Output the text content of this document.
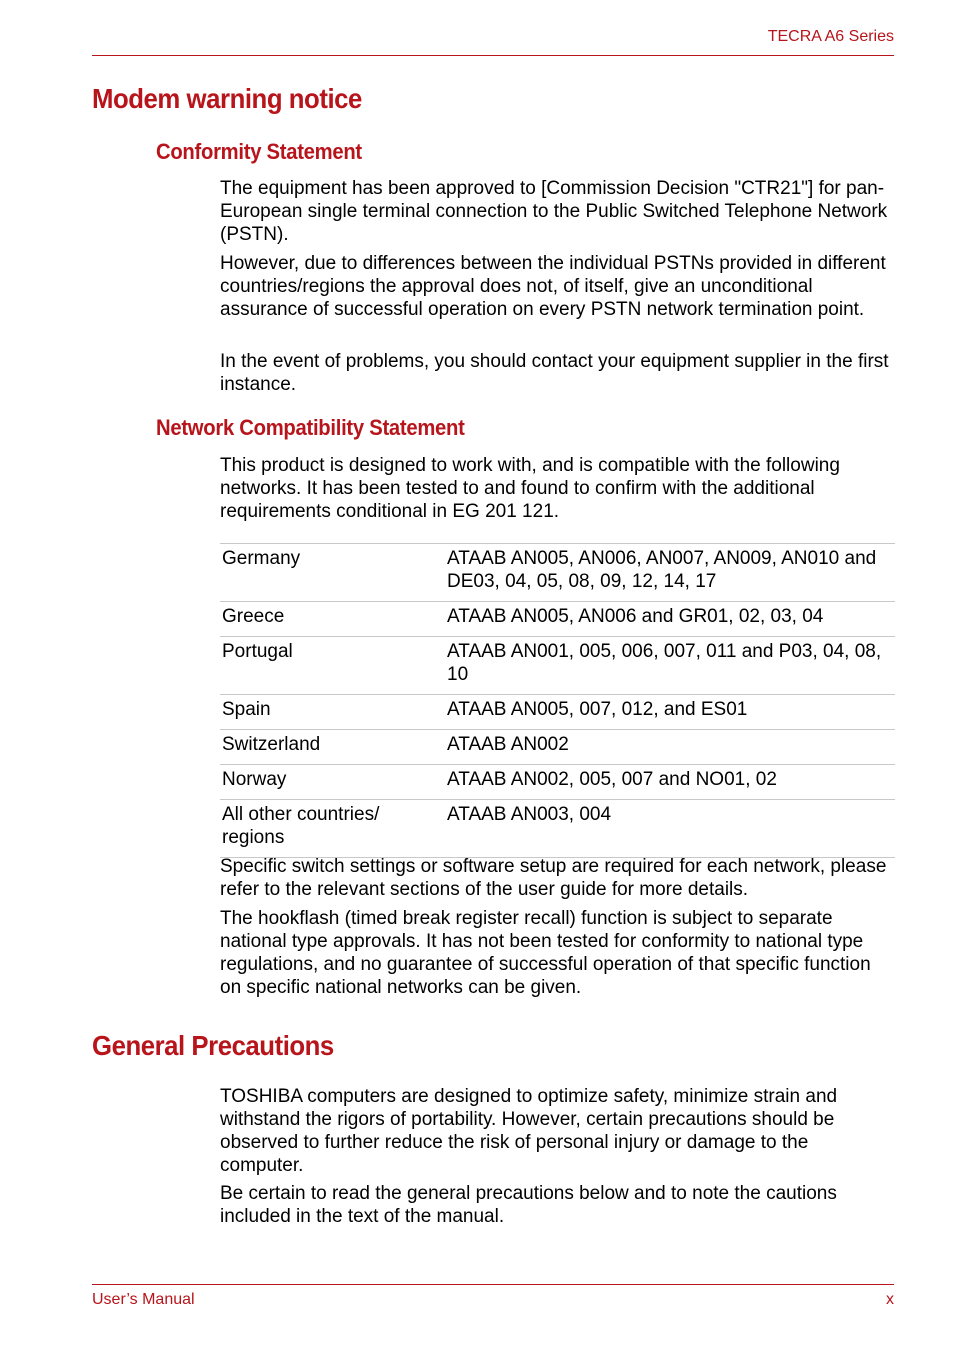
TECRA A6 Series
Modem warning notice
Conformity Statement

The equipment has been approved to [Commission Decision "CTR21"] for pan- European single terminal connection to the Public Switched Telephone Network (PSTN).

However, due to differences between the individual PSTNs provided in different countries/regions the approval does not, of itself, give an unconditional assurance of successful operation on every PSTN network termination point.

In the event of problems, you should contact your equipment supplier in the first instance.

Network Compatibility Statement

This product is designed to work with, and is compatible with the following networks. It has been tested to and found to confirm with the additional requirements conditional in EG 201 121.

Germany	ATAAB AN005, AN006, AN007, AN009, AN010 and DE03, 04, 05, 08, 09, 12, 14, 17
Greece	ATAAB AN005, AN006 and GR01, 02, 03, 04
Portugal	ATAAB AN001, 005, 006, 007, 011 and P03, 04, 08, 10
Spain	ATAAB AN005, 007, 012, and ES01
Switzerland	ATAAB AN002
Norway	ATAAB AN002, 005, 007 and NO01, 02
All other countries/ regions	ATAAB AN003, 004

Specific switch settings or software setup are required for each network, please refer to the relevant sections of the user guide for more details.

The hookflash (timed break register recall) function is subject to separate national type approvals. It has not been tested for conformity to national type regulations, and no guarantee of successful operation of that specific function on specific national networks can be given.

General Precautions

TOSHIBA computers are designed to optimize safety, minimize strain and withstand the rigors of portability. However, certain precautions should be observed to further reduce the risk of personal injury or damage to the computer.

Be certain to read the general precautions below and to note the cautions included in the text of the manual.

User’s Manual	x
